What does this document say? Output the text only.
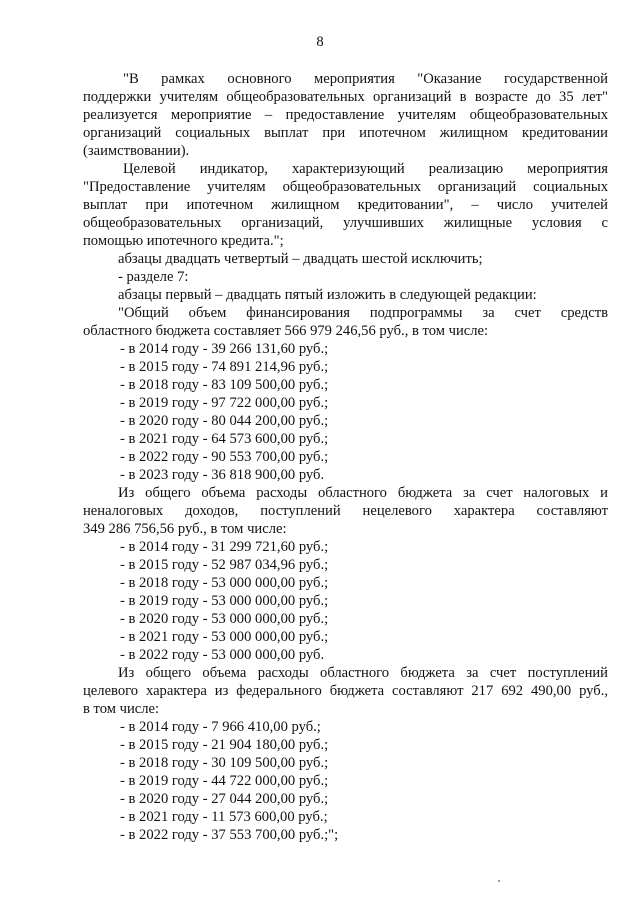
8
"В рамках основного мероприятия "Оказание государственной
поддержки учителям общеобразовательных организаций в возрасте до 35 лет"
реализуется мероприятие – предоставление учителям общеобразовательных
организаций социальных выплат при ипотечном жилищном кредитовании
(заимствовании).
Целевой индикатор, характеризующий реализацию мероприятия
"Предоставление учителям общеобразовательных организаций социальных
выплат при ипотечном жилищном кредитовании", – число учителей
общеобразовательных организаций, улучшивших жилищные условия с
помощью ипотечного кредита.";
абзацы двадцать четвертый – двадцать шестой исключить;
- разделе 7:
абзацы первый – двадцать пятый изложить в следующей редакции:
"Общий объем финансирования подпрограммы за счет средств
областного бюджета составляет 566 979 246,56 руб., в том числе:
- в 2014 году - 39 266 131,60 руб.;
- в 2015 году - 74 891 214,96 руб.;
- в 2018 году - 83 109 500,00 руб.;
- в 2019 году - 97 722 000,00 руб.;
- в 2020 году - 80 044 200,00 руб.;
- в 2021 году - 64 573 600,00 руб.;
- в 2022 году - 90 553 700,00 руб.;
- в 2023 году - 36 818 900,00 руб.
Из общего объема расходы областного бюджета за счет налоговых и
неналоговых доходов, поступлений нецелевого характера составляют
349 286 756,56 руб., в том числе:
- в 2014 году - 31 299 721,60 руб.;
- в 2015 году - 52 987 034,96 руб.;
- в 2018 году - 53 000 000,00 руб.;
- в 2019 году - 53 000 000,00 руб.;
- в 2020 году - 53 000 000,00 руб.;
- в 2021 году - 53 000 000,00 руб.;
- в 2022 году - 53 000 000,00 руб.
Из общего объема расходы областного бюджета за счет поступлений
целевого характера из федерального бюджета составляют 217 692 490,00 руб.,
в том числе:
- в 2014 году - 7 966 410,00 руб.;
- в 2015 году - 21 904 180,00 руб.;
- в 2018 году - 30 109 500,00 руб.;
- в 2019 году - 44 722 000,00 руб.;
- в 2020 году - 27 044 200,00 руб.;
- в 2021 году - 11 573 600,00 руб.;
- в 2022 году - 37 553 700,00 руб.;";
